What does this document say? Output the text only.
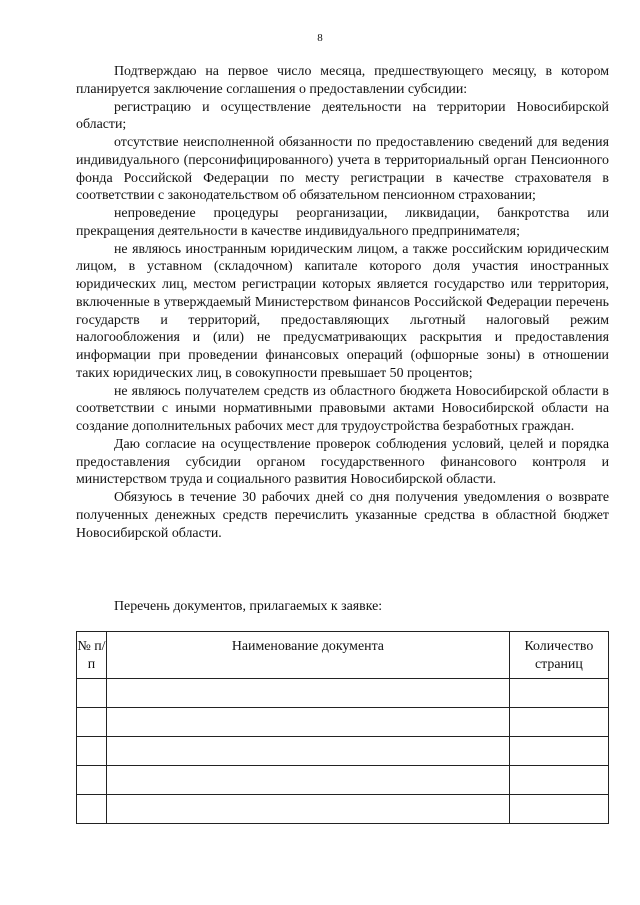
8

Подтверждаю на первое число месяца, предшествующего месяцу, в котором планируется заключение соглашения о предоставлении субсидии:

регистрацию и осуществление деятельности на территории Новосибирской области;

отсутствие неисполненной обязанности по предоставлению сведений для ведения индивидуального (персонифицированного) учета в территориальный орган Пенсионного фонда Российской Федерации по месту регистрации в качестве страхователя в соответствии с законодательством об обязательном пенсионном страховании;

непроведение процедуры реорганизации, ликвидации, банкротства или прекращения деятельности в качестве индивидуального предпринимателя;

не являюсь иностранным юридическим лицом, а также российским юридическим лицом, в уставном (складочном) капитале которого доля участия иностранных юридических лиц, местом регистрации которых является государство или территория, включенные в утверждаемый Министерством финансов Российской Федерации перечень государств и территорий, предоставляющих льготный налоговый режим налогообложения и (или) не предусматривающих раскрытия и предоставления информации при проведении финансовых операций (офшорные зоны) в отношении таких юридических лиц, в совокупности превышает 50 процентов;

не являюсь получателем средств из областного бюджета Новосибирской области в соответствии с иными нормативными правовыми актами Новосибирской области на создание дополнительных рабочих мест для трудоустройства безработных граждан.

Даю согласие на осуществление проверок соблюдения условий, целей и порядка предоставления субсидии органом государственного финансового контроля и министерством труда и социального развития Новосибирской области.

Обязуюсь в течение 30 рабочих дней со дня получения уведомления о возврате полученных денежных средств перечислить указанные средства в областной бюджет Новосибирской области.

Перечень документов, прилагаемых к заявке:
№ п/п	Наименование документа	Количество страниц
